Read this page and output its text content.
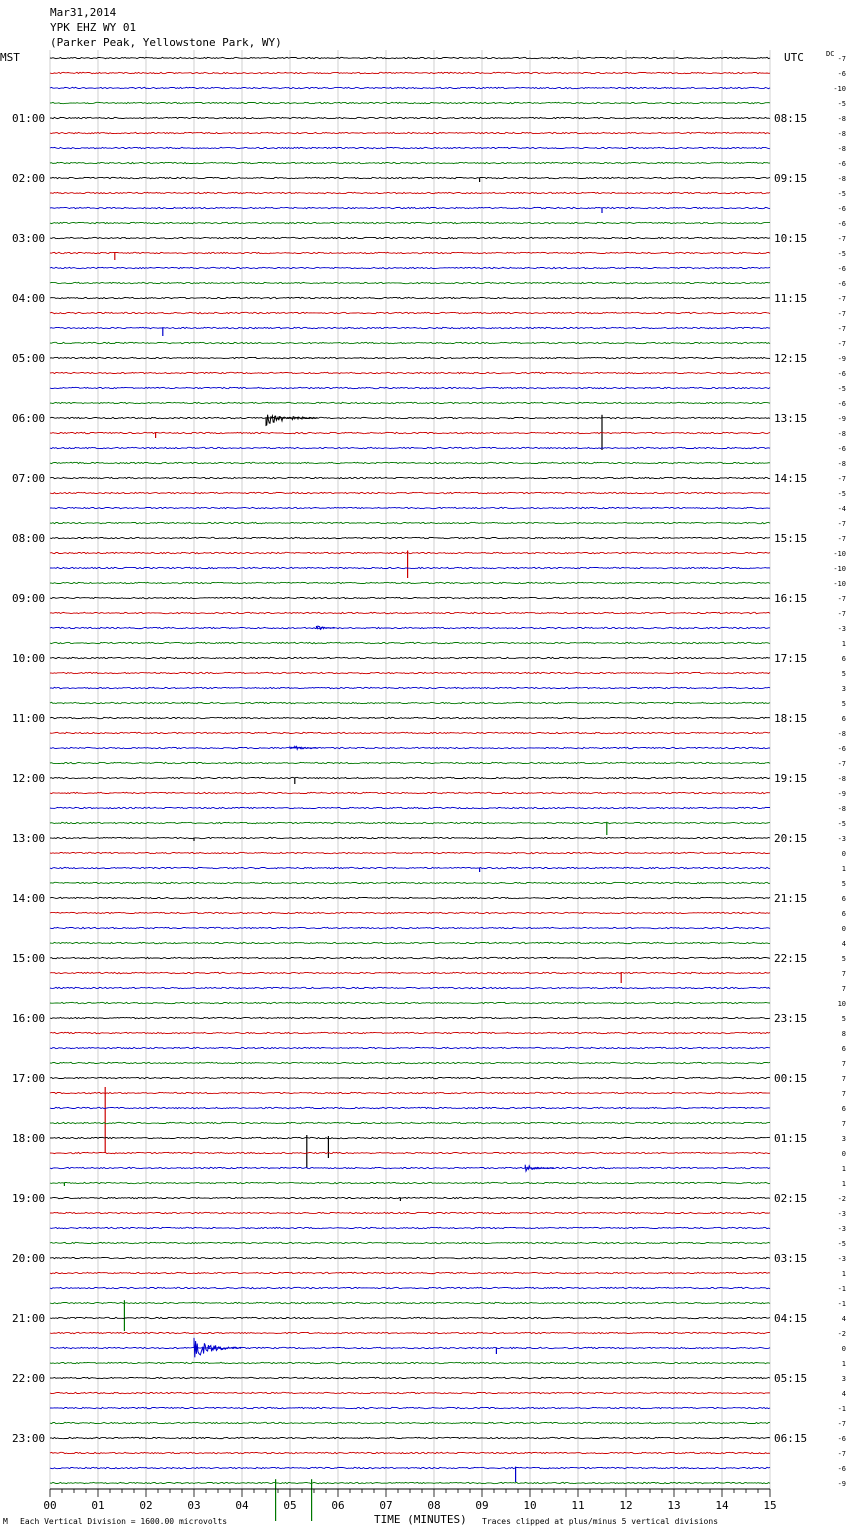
Mar31,2014
YPK EHZ WY 01
(Parker Peak, Yellowstone Park, WY)
MST	UTC	DC
01:00
02:00
03:00
04:00
05:00
06:00
07:00
08:00
09:00
10:00
11:00
12:00
13:00
14:00
15:00
16:00
17:00
18:00
19:00
20:00
21:00
22:00
23:00
08:15
09:15
10:15
11:15
12:15
13:15
14:15
15:15
16:15
17:15
18:15
19:15
20:15
21:15
22:15
23:15
00:15
01:15
02:15
03:15
04:15
05:15
06:15
-7
-6
-10
-5
-8
-8
-8
-6
-8
-5
-6
-6
-7
-5
-6
-6
-7
-7
-7
-7
-9
-6
-5
-6
-9
-8
-6
-8
-7
-5
-4
-7
-7
-10
-10
-10
-7
-7
-3
1
6
5
3
5
6
-8
-6
-7
-8
-9
-8
-5
-3
0
1
5
6
6
0
4
5
7
7
10
5
8
6
7
7
7
6
7
3
0
1
1
-2
-3
-3
-5
-3
1
-1
-1
4
-2
0
1
3
4
-1
-7
-6
-7
-6
-9
00	01	02	03	04	05	06	07	08	09	10	11	12	13	14	15
M Each Vertical Division = 1600.00 microvolts	TIME (MINUTES) Traces clipped at plus/minus 5 vertical divisions
